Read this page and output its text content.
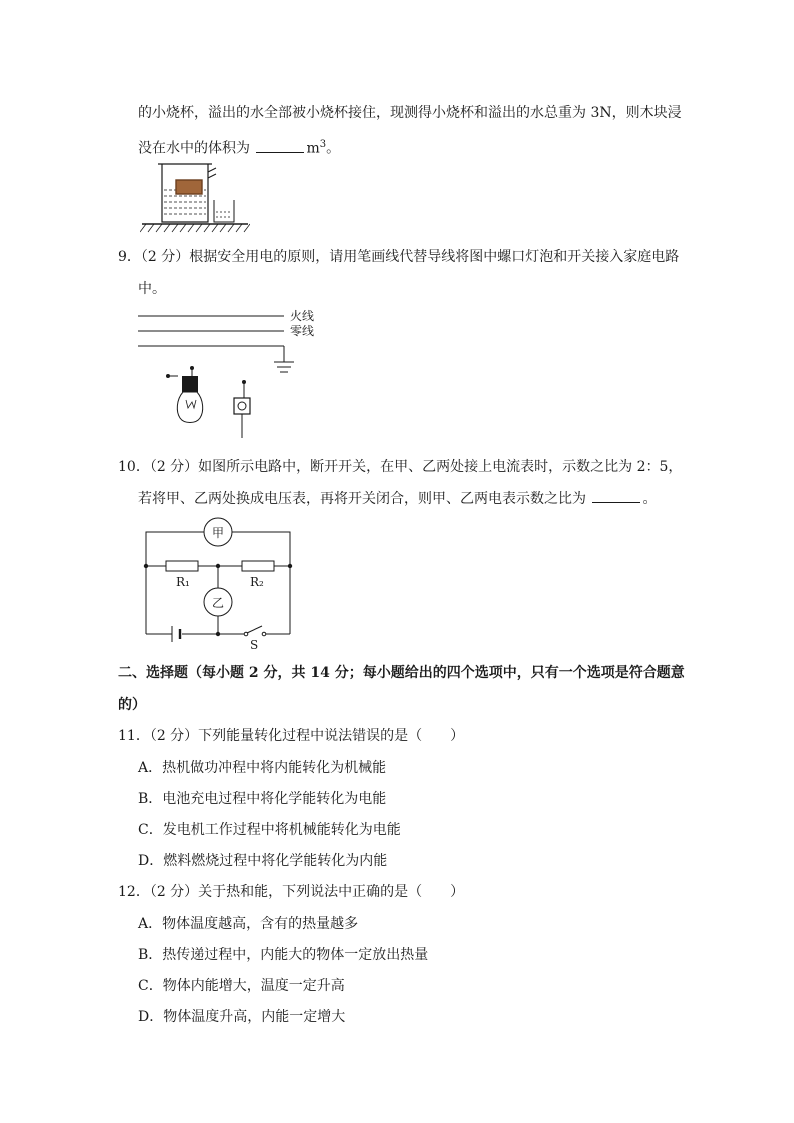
的小烧杯，溢出的水全部被小烧杯接住，现测得小烧杯和溢出的水总重为 3N，则木块浸
没在水中的体积为	$m^3$。
9．（2 分）根据安全用电的原则，请用笔画线代替导线将图中螺口灯泡和开关接入家庭电路
中。
火线
零线
10．（2 分）如图所示电路中，断开开关，在甲、乙两处接上电流表时，示数之比为 2：5，
若将甲、乙两处换成电压表，再将开关闭合，则甲、乙两电表示数之比为	。
甲
乙
R₁	R₂
S
二、选择题（每小题 2 分，共 14 分；每小题给出的四个选项中，只有一个选项是符合题意
的）
11．（2 分）下列能量转化过程中说法错误的是（　　）
A．热机做功冲程中将内能转化为机械能
B．电池充电过程中将化学能转化为电能
C．发电机工作过程中将机械能转化为电能
D．燃料燃烧过程中将化学能转化为内能
12．（2 分）关于热和能，下列说法中正确的是（　　）
A．物体温度越高，含有的热量越多
B．热传递过程中，内能大的物体一定放出热量
C．物体内能增大，温度一定升高
D．物体温度升高，内能一定增大
